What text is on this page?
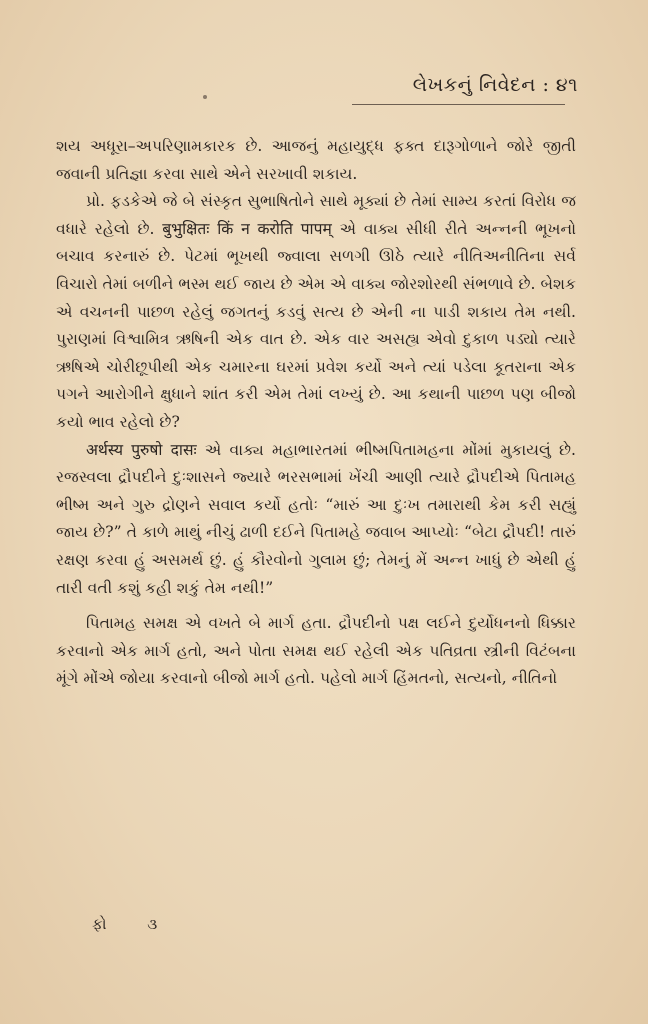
લેખકનું નિવેદન : ૪૧

શય અધૂરા–અપરિણામકારક છે. આજનું મહાયુદ્ધ ફક્ત દારૂગોળાને જોરે જીતી જવાની પ્રતિજ્ઞા કરવા સાથે એને સરખાવી શકાય.

પ્રો. ફડકેએ જે બે સંસ્કૃત સુભાષિતોને સાથે મૂક્યાં છે તેમાં સામ્ય કરતાં વિરોધ જ વધારે રહેલો છે. बुभुक्षितः किं न करोति पापम् એ વાક્ય સીધી રીતે અન્નની ભૂખનો બચાવ કરનારું છે. પેટમાં ભૂખથી જ્વાલા સળગી ઊઠે ત્યારે નીતિઅનીતિના સર્વ વિચારો તેમાં બળીને ભસ્મ થઈ જાય છે એમ એ વાક્ય જોરશોરથી સંભળાવે છે. બેશક એ વચનની પાછળ રહેલું જગતનું કડવું સત્ય છે એની ના પાડી શકાય તેમ નથી. પુરાણમાં વિશ્વામિત્ર ઋષિની એક વાત છે. એક વાર અસહ્ય એવો દુકાળ પડ્યો ત્યારે ઋષિએ ચોરીછૂપીથી એક ચમારના ઘરમાં પ્રવેશ કર્યો અને ત્યાં પડેલા કૂતરાના એક પગને આરોગીને ક્ષુધાને શાંત કરી એમ તેમાં લખ્યું છે. આ કથાની પાછળ પણ બીજો કયો ભાવ રહેલો છે?

अर्थस्य पुरुषो दासः એ વાક્ય મહાભારતમાં ભીષ્મપિતામહના મોંમાં મુકાયલું છે. રજસ્વલા દ્રૌપદીને દુઃશાસને જ્યારે ભરસભામાં ખેંચી આણી ત્યારે દ્રૌપદીએ પિતામહ ભીષ્મ અને ગુરુ દ્રોણને સવાલ કર્યો હતોઃ “મારું આ દુઃખ તમારાથી કેમ કરી સહ્યું જાય છે?” તે કાળે માથું નીચું ઢાળી દઈને પિતામહે જવાબ આપ્યોઃ “બેટા દ્રૌપદી! તારું રક્ષણ કરવા હું અસમર્થ છું. હું કૌરવોનો ગુલામ છું; તેમનું મેં અન્ન ખાધું છે એથી હું તારી વતી કશું કહી શકું તેમ નથી!”

પિતામહ સમક્ષ એ વખતે બે માર્ગ હતા. દ્રૌપદીનો પક્ષ લઈને દુર્યોધનનો ધિક્કાર કરવાનો એક માર્ગ હતો, અને પોતા સમક્ષ થઈ રહેલી એક પતિવ્રતા સ્ત્રીની વિટંબના મૂંગે મોંએ જોયા કરવાનો બીજો માર્ગ હતો. પહેલો માર્ગ હિંમતનો, સત્યનો, નીતિનો

ફો ૩
